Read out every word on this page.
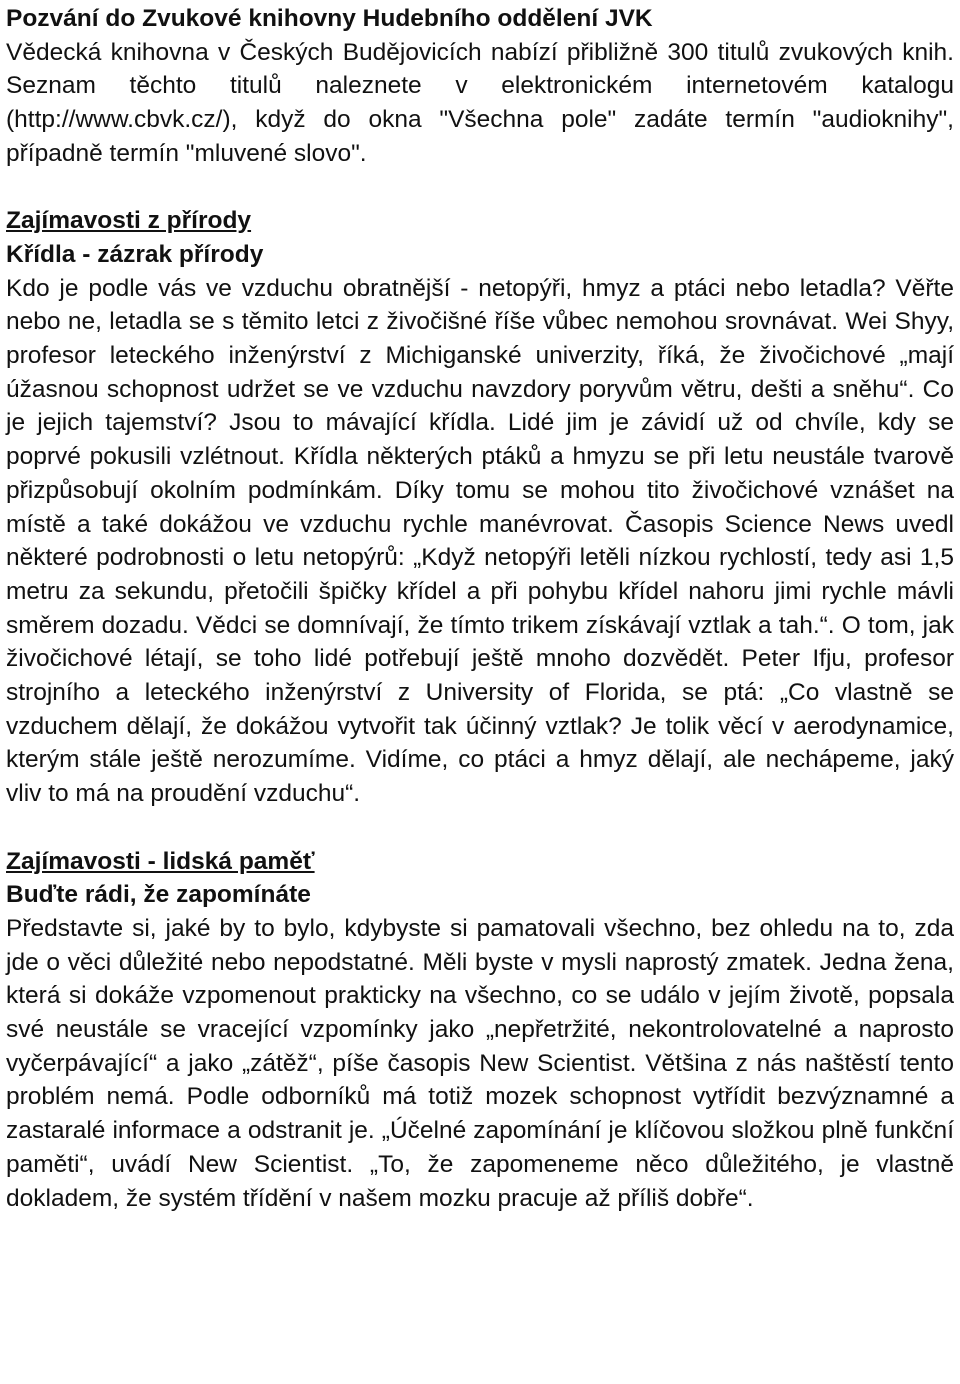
Pozvání do Zvukové knihovny Hudebního oddělení JVK

Vědecká knihovna v Českých Budějovicích nabízí přibližně 300 titulů zvukových knih. Seznam těchto titulů naleznete v elektronickém internetovém katalogu (http://www.cbvk.cz/), když do okna "Všechna pole" zadáte termín "audioknihy", případně termín "mluvené slovo".

Zajímavosti z přírody
Křídla - zázrak přírody

Kdo je podle vás ve vzduchu obratnější - netopýři, hmyz a ptáci nebo letadla? Věřte nebo ne, letadla se s těmito letci z živočišné říše vůbec nemohou srovnávat. Wei Shyy, profesor leteckého inženýrství z Michiganské univerzity, říká, že živočichové „mají úžasnou schopnost udržet se ve vzduchu navzdory poryvům větru, dešti a sněhu“. Co je jejich tajemství? Jsou to mávající křídla. Lidé jim je závidí už od chvíle, kdy se poprvé pokusili vzlétnout. Křídla některých ptáků a hmyzu se při letu neustále tvarově přizpůsobují okolním podmínkám. Díky tomu se mohou tito živočichové vznášet na místě a také dokážou ve vzduchu rychle manévrovat. Časopis Science News uvedl některé podrobnosti o letu netopýrů: „Když netopýři letěli nízkou rychlostí, tedy asi 1,5 metru za sekundu, přetočili špičky křídel a při pohybu křídel nahoru jimi rychle mávli směrem dozadu. Vědci se domnívají, že tímto trikem získávají vztlak a tah.“. O tom, jak živočichové létají, se toho lidé potřebují ještě mnoho dozvědět. Peter Ifju, profesor strojního a leteckého inženýrství z University of Florida, se ptá: „Co vlastně se vzduchem dělají, že dokážou vytvořit tak účinný vztlak? Je tolik věcí v aerodynamice, kterým stále ještě nerozumíme. Vidíme, co ptáci a hmyz dělají, ale nechápeme, jaký vliv to má na proudění vzduchu“.

Zajímavosti - lidská paměť
Buďte rádi, že zapomínáte

Představte si, jaké by to bylo, kdybyste si pamatovali všechno, bez ohledu na to, zda jde o věci důležité nebo nepodstatné. Měli byste v mysli naprostý zmatek. Jedna žena, která si dokáže vzpomenout prakticky na všechno, co se událo v jejím životě, popsala své neustále se vracející vzpomínky jako „nepřetržité, nekontrolovatelné a naprosto vyčerpávající“ a jako „zátěž“, píše časopis New Scientist. Většina z nás naštěstí tento problém nemá. Podle odborníků má totiž mozek schopnost vytřídit bezvýznamné a zastaralé informace a odstranit je. „Účelné zapomínání je klíčovou složkou plně funkční paměti“, uvádí New Scientist. „To, že zapomeneme něco důležitého, je vlastně dokladem, že systém třídění v našem mozku pracuje až příliš dobře“.
